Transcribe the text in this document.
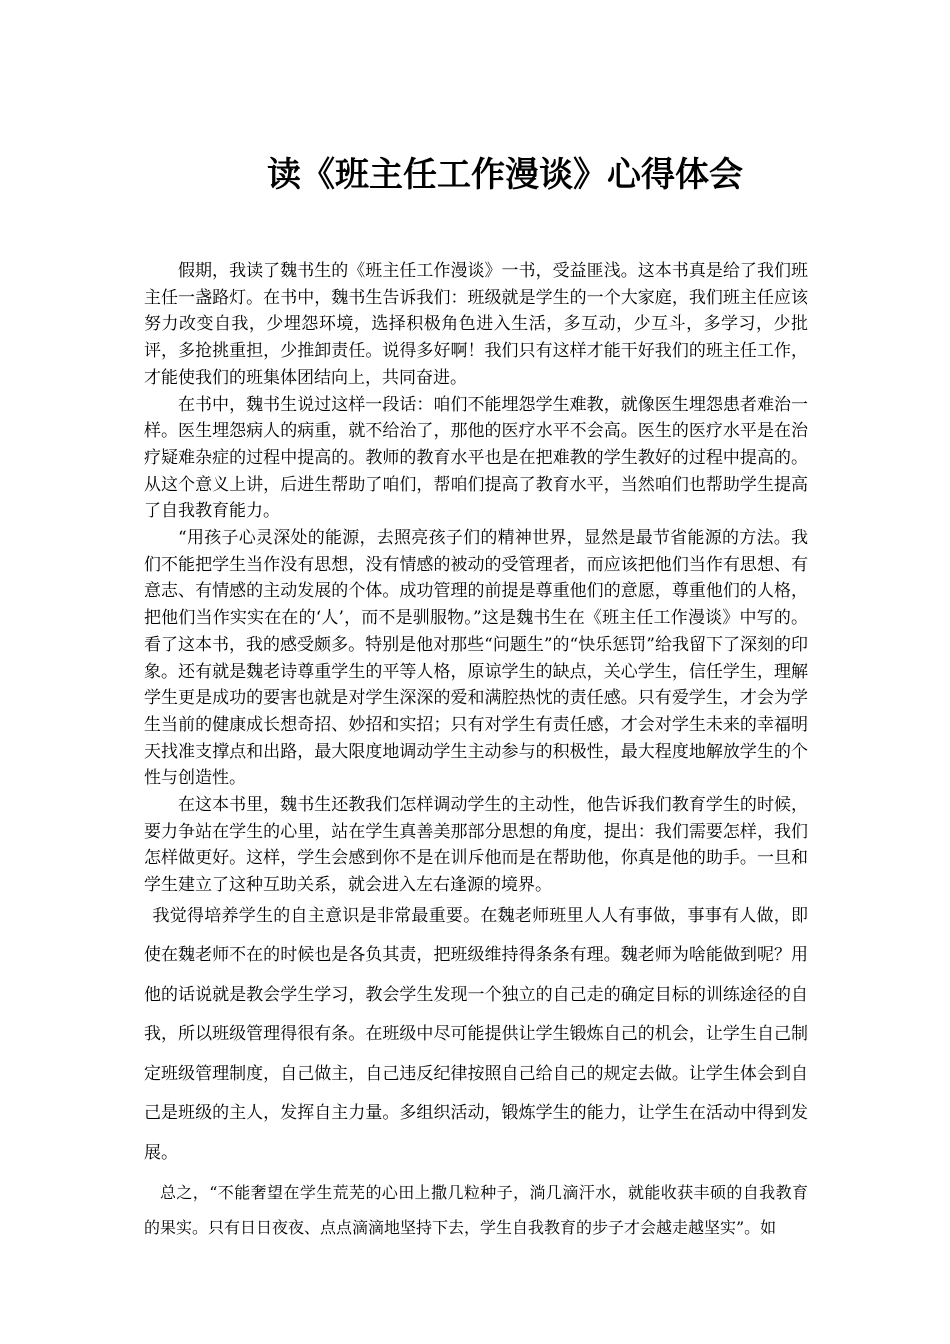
读《班主任工作漫谈》心得体会

假期，我读了魏书生的《班主任工作漫谈》一书，受益匪浅。这本书真是给了我们班主任一盏路灯。在书中，魏书生告诉我们：班级就是学生的一个大家庭，我们班主任应该努力改变自我，少埋怨环境，选择积极角色进入生活，多互动，少互斗，多学习，少批评，多抢挑重担，少推卸责任。说得多好啊！我们只有这样才能干好我们的班主任工作，才能使我们的班集体团结向上，共同奋进。

在书中，魏书生说过这样一段话：咱们不能埋怨学生难教，就像医生埋怨患者难治一样。医生埋怨病人的病重，就不给治了，那他的医疗水平不会高。医生的医疗水平是在治疗疑难杂症的过程中提高的。教师的教育水平也是在把难教的学生教好的过程中提高的。从这个意义上讲，后进生帮助了咱们，帮咱们提高了教育水平，当然咱们也帮助学生提高了自我教育能力。

“用孩子心灵深处的能源，去照亮孩子们的精神世界，显然是最节省能源的方法。我们不能把学生当作没有思想，没有情感的被动的受管理者，而应该把他们当作有思想、有意志、有情感的主动发展的个体。成功管理的前提是尊重他们的意愿，尊重他们的人格，把他们当作实实在在的‘人’，而不是驯服物。”这是魏书生在《班主任工作漫谈》中写的。看了这本书，我的感受颇多。特别是他对那些“问题生”的“快乐惩罚”给我留下了深刻的印象。还有就是魏老诗尊重学生的平等人格，原谅学生的缺点，关心学生，信任学生，理解学生更是成功的要害也就是对学生深深的爱和满腔热忱的责任感。只有爱学生，才会为学生当前的健康成长想奇招、妙招和实招；只有对学生有责任感，才会对学生未来的幸福明天找准支撑点和出路，最大限度地调动学生主动参与的积极性，最大程度地解放学生的个性与创造性。

在这本书里，魏书生还教我们怎样调动学生的主动性，他告诉我们教育学生的时候，要力争站在学生的心里，站在学生真善美那部分思想的角度，提出：我们需要怎样，我们怎样做更好。这样，学生会感到你不是在训斥他而是在帮助他，你真是他的助手。一旦和学生建立了这种互助关系，就会进入左右逢源的境界。

我觉得培养学生的自主意识是非常最重要。在魏老师班里人人有事做，事事有人做，即使在魏老师不在的时候也是各负其责，把班级维持得条条有理。魏老师为啥能做到呢？用他的话说就是教会学生学习，教会学生发现一个独立的自己走的确定目标的训练途径的自我，所以班级管理得很有条。在班级中尽可能提供让学生锻炼自己的机会，让学生自己制定班级管理制度，自己做主，自己违反纪律按照自己给自己的规定去做。让学生体会到自己是班级的主人，发挥自主力量。多组织活动，锻炼学生的能力，让学生在活动中得到发展。

总之，“不能奢望在学生荒芜的心田上撒几粒种子，淌几滴汗水，就能收获丰硕的自我教育的果实。只有日日夜夜、点点滴滴地坚持下去，学生自我教育的步子才会越走越坚实”。如
